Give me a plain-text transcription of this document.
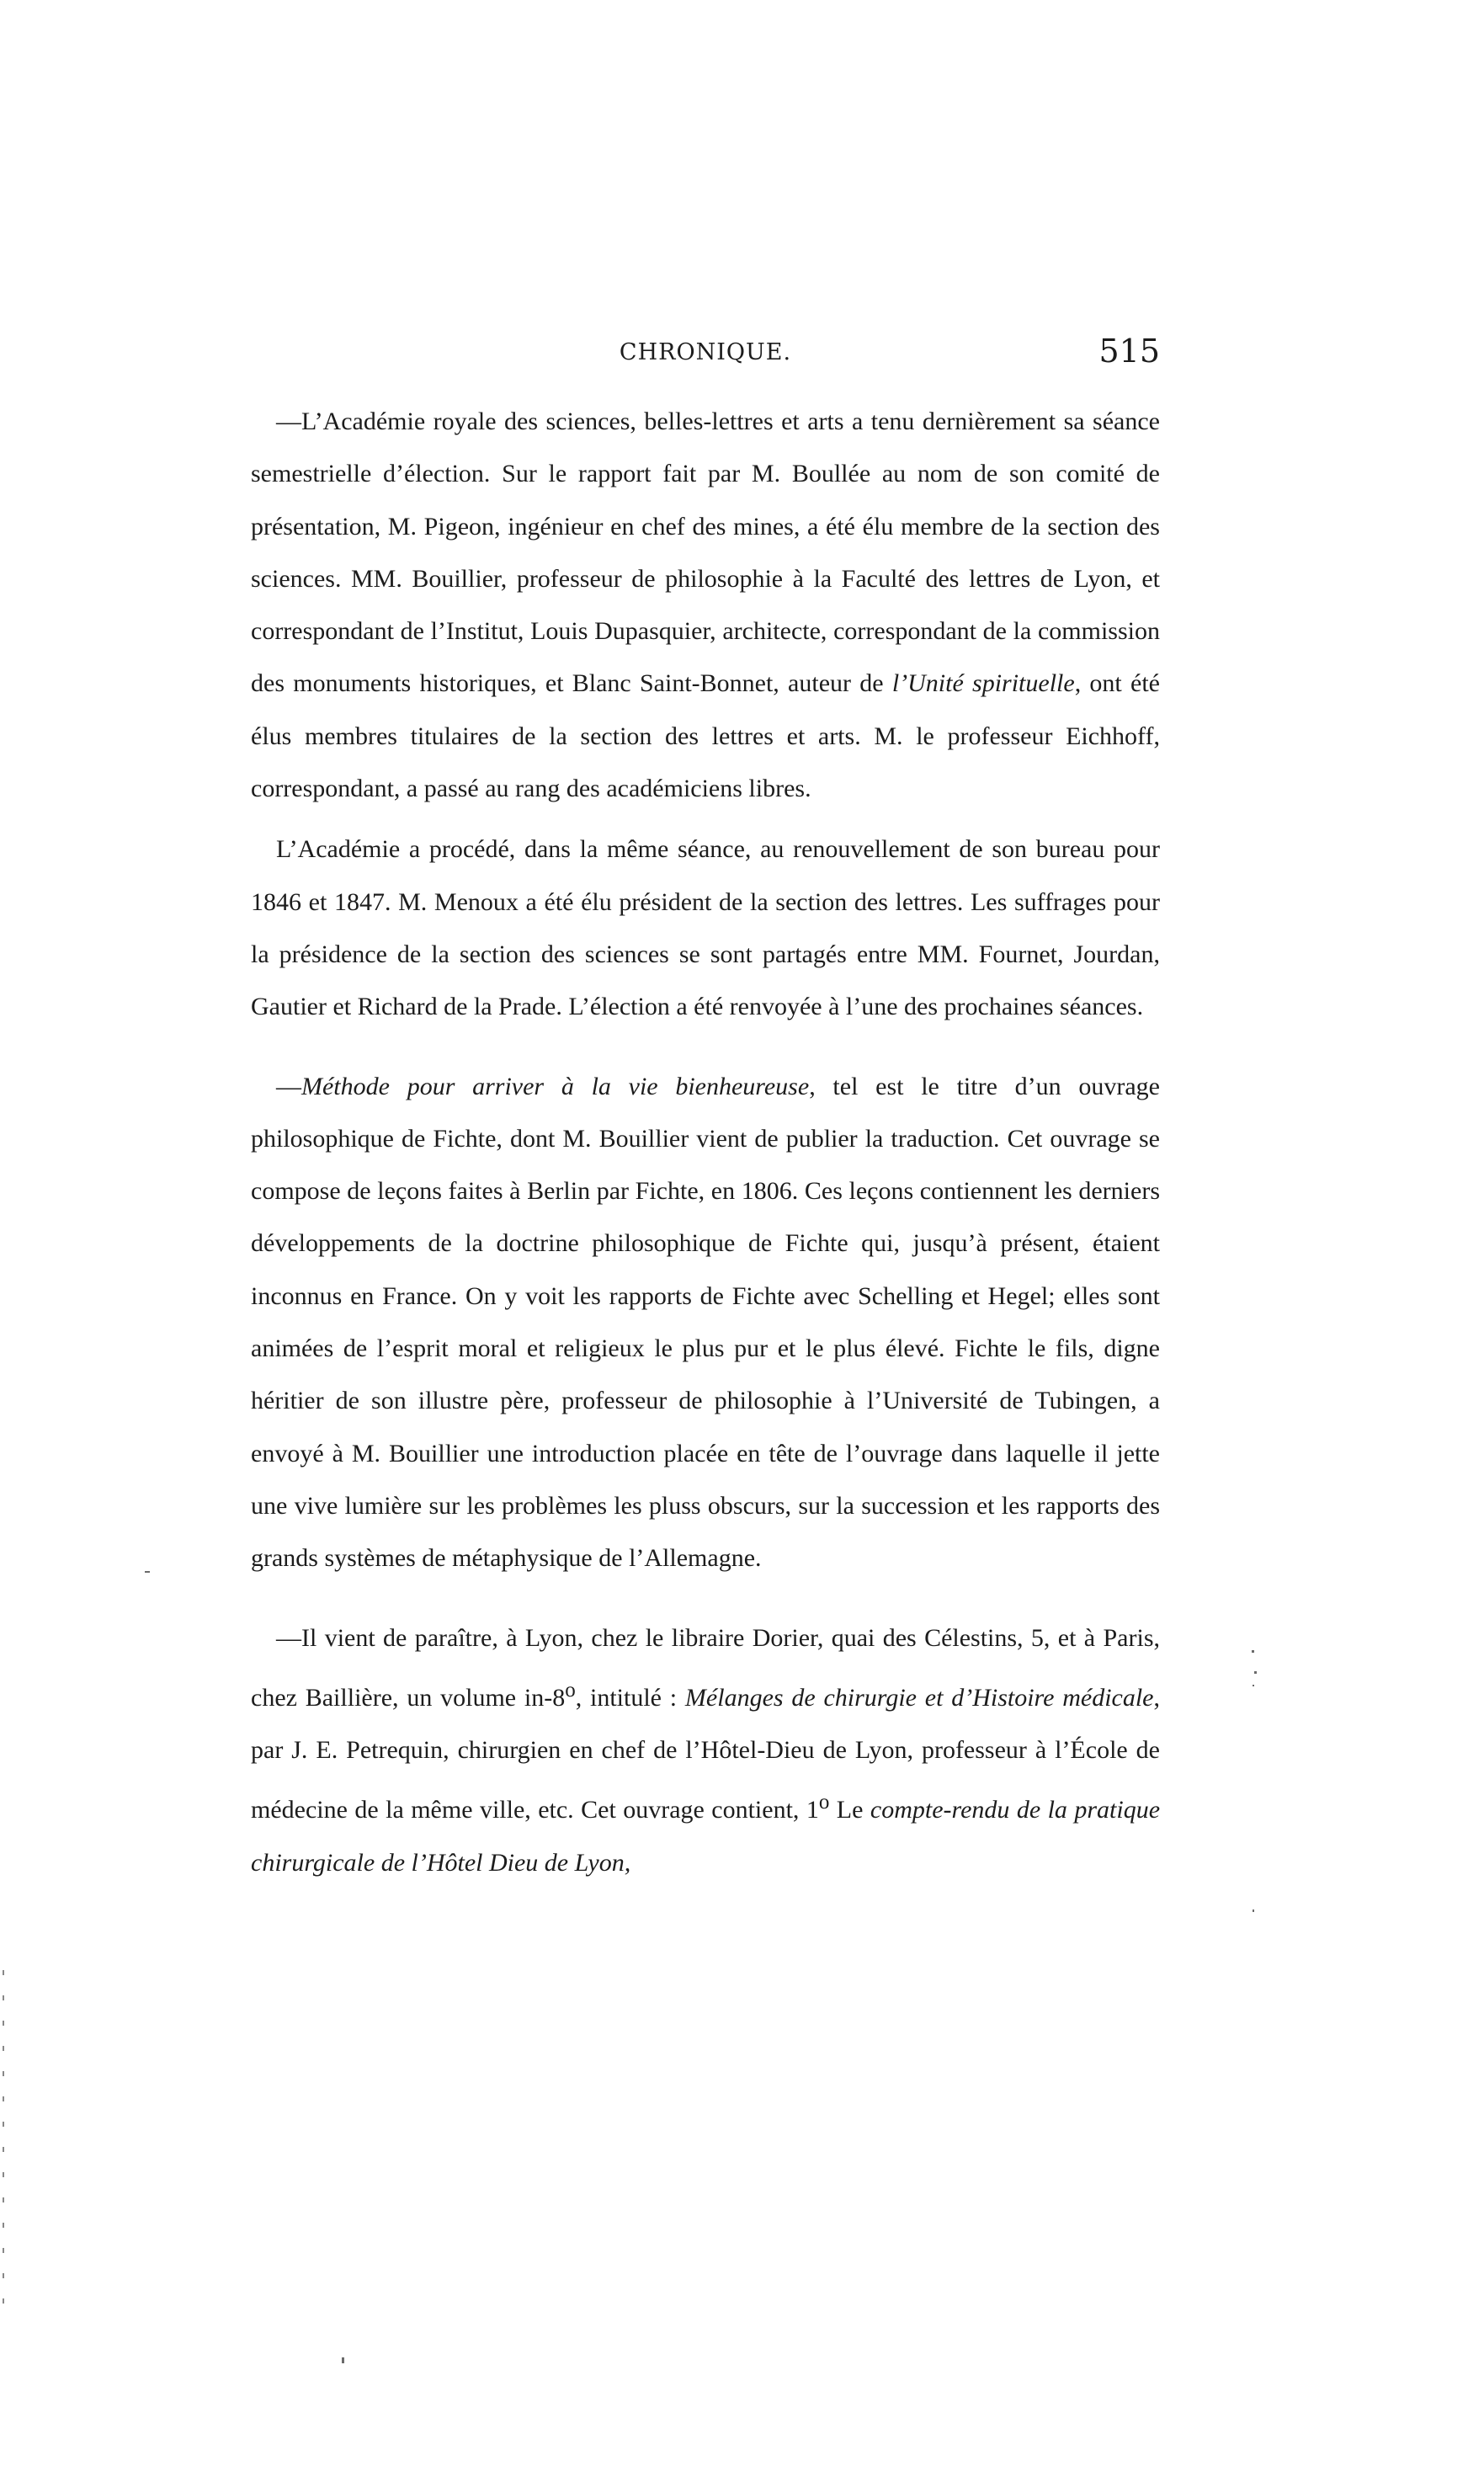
CHRONIQUE.	515

—L’Académie royale des sciences, belles-lettres et arts a tenu dernièrement sa séance semestrielle d’élection. Sur le rapport fait par M. Boullée au nom de son comité de présentation, M. Pigeon, ingénieur en chef des mines, a été élu membre de la section des sciences. MM. Bouillier, professeur de philosophie à la Faculté des lettres de Lyon, et correspondant de l’Institut, Louis Dupasquier, architecte, correspondant de la commission des monuments historiques, et Blanc Saint-Bonnet, auteur de l’Unité spirituelle, ont été élus membres titulaires de la section des lettres et arts. M. le professeur Eichhoff, correspondant, a passé au rang des académiciens libres.

L’Académie a procédé, dans la même séance, au renouvellement de son bureau pour 1846 et 1847. M. Menoux a été élu président de la section des lettres. Les suffrages pour la présidence de la section des sciences se sont partagés entre MM. Fournet, Jourdan, Gautier et Richard de la Prade. L’élection a été renvoyée à l’une des prochaines séances.

—Méthode pour arriver à la vie bienheureuse, tel est le titre d’un ouvrage philosophique de Fichte, dont M. Bouillier vient de publier la traduction. Cet ouvrage se compose de leçons faites à Berlin par Fichte, en 1806. Ces leçons contiennent les derniers développements de la doctrine philosophique de Fichte qui, jusqu’à présent, étaient inconnus en France. On y voit les rapports de Fichte avec Schelling et Hegel; elles sont animées de l’esprit moral et religieux le plus pur et le plus élevé. Fichte le fils, digne héritier de son illustre père, professeur de philosophie à l’Université de Tubingen, a envoyé à M. Bouillier une introduction placée en tête de l’ouvrage dans laquelle il jette une vive lumière sur les problèmes les pluss obscurs, sur la succession et les rapports des grands systèmes de métaphysique de l’Allemagne.

—Il vient de paraître, à Lyon, chez le libraire Dorier, quai des Célestins, 5, et à Paris, chez Baillière, un volume in-8$^o$, intitulé : Mélanges de chirurgie et d’Histoire médicale, par J. E. Petrequin, chirurgien en chef de l’Hôtel-Dieu de Lyon, professeur à l’École de médecine de la même ville, etc. Cet ouvrage contient, 1$^o$ Le compte-rendu de la pratique chirurgicale de l’Hôtel Dieu de Lyon,
